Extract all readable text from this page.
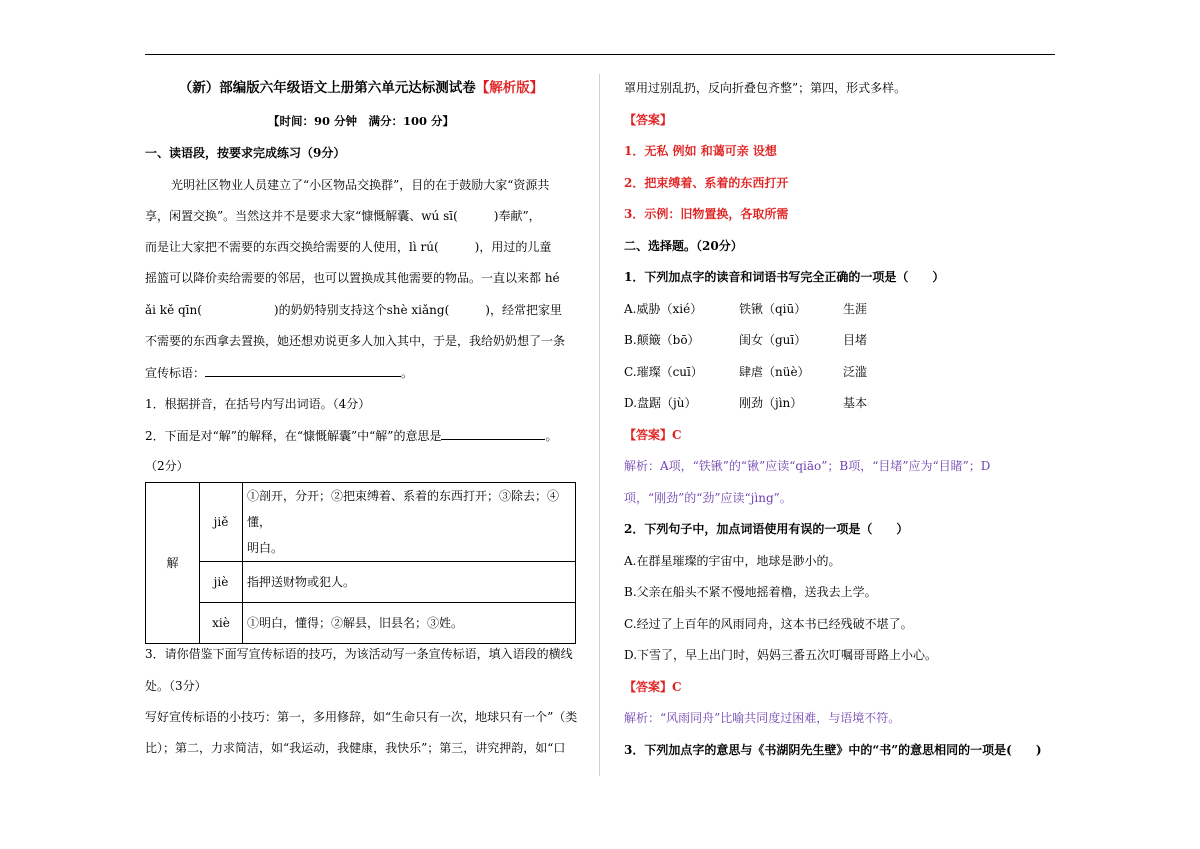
（新）部编版六年级语文上册第六单元达标测试卷【解析版】
【时间：90 分钟　满分：100 分】
一、读语段，按要求完成练习（9分）
光明社区物业人员建立了“小区物品交换群”，目的在于鼓励大家“资源共
享，闲置交换”。当然这并不是要求大家“慷慨解囊、wú sī(　　　)奉献”，
而是让大家把不需要的东西交换给需要的人使用，lì rú(　　　)，用过的儿童
摇篮可以降价卖给需要的邻居，也可以置换成其他需要的物品。一直以来都 hé
ǎi kě qīn(　　　　　　)的奶奶特别支持这个shè xiǎng(　　　)，经常把家里
不需要的东西拿去置换，她还想劝说更多人加入其中，于是，我给奶奶想了一条
宣传标语：	。
1．根据拼音，在括号内写出词语。（4分）
2．下面是对“解”的解释，在“慷慨解囊”中“解”的意思是	。
（2分）
解	jiě	①剖开，分开；②把束缚着、系着的东西打开；③除去；④懂，
明白。

	jiè	指押送财物或犯人。
	xiè	①明白，懂得；②解县，旧县名；③姓。
3．请你借鉴下面写宣传标语的技巧，为该活动写一条宣传标语，填入语段的横线
处。（3分）
写好宣传标语的小技巧：第一，多用修辞，如“生命只有一次，地球只有一个”（类
比）；第二，力求简洁，如“我运动，我健康，我快乐”；第三，讲究押韵，如“口
罩用过别乱扔，反向折叠包齐整”；第四，形式多样。
【答案】
1．无私 例如 和蔼可亲 设想
2．把束缚着、系着的东西打开
3．示例：旧物置换，各取所需
二、选择题。（20分）
1．下列加点字的读音和词语书写完全正确的一项是（　　）
A.威胁（xié）	铁锹（qiū）	生涯
B.颠簸（bō）	闺女（guī）	目堵
C.璀璨（cuī）	肆虐（nüè）	泛滥
D.盘踞（jù）	刚劲（jìn）	基本
【答案】C
解析：A项，“铁锹”的“锹”应读“qiāo”；B项，“目堵”应为“目睹”；D
项，“刚劲”的“劲”应读“jìng”。
2．下列句子中，加点词语使用有误的一项是（　　）
A.在群星璀璨的宇宙中，地球是渺小的。
B.父亲在船头不紧不慢地摇着橹，送我去上学。
C.经过了上百年的风雨同舟，这本书已经残破不堪了。
D.下雪了，早上出门时，妈妈三番五次叮嘱哥哥路上小心。
【答案】C
解析：“风雨同舟”比喻共同度过困难，与语境不符。
3．下列加点字的意思与《书湖阴先生壁》中的“书”的意思相同的一项是(　　)
